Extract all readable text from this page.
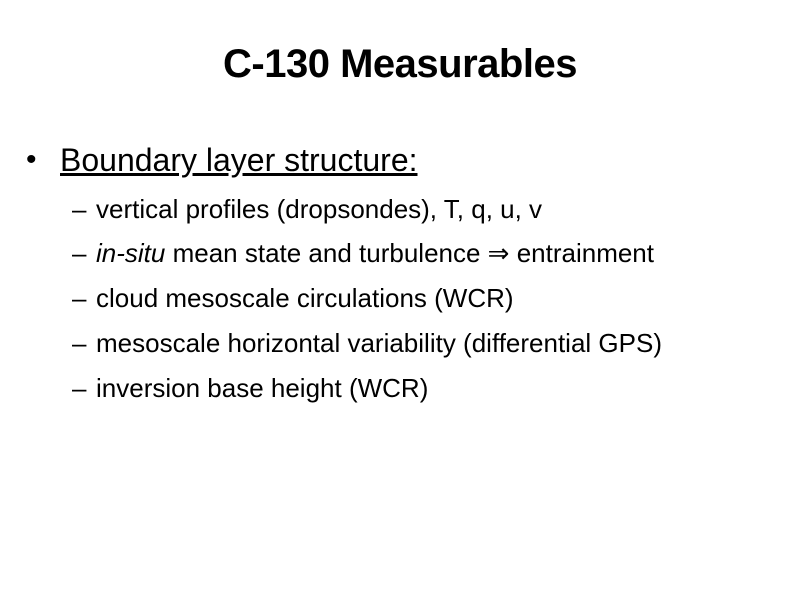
C-130 Measurables
• Boundary layer structure:
– vertical profiles (dropsondes), T, q, u, v
– in-situ mean state and turbulence ⇒ entrainment
– cloud mesoscale circulations (WCR)
– mesoscale horizontal variability (differential GPS)
– inversion base height (WCR)
